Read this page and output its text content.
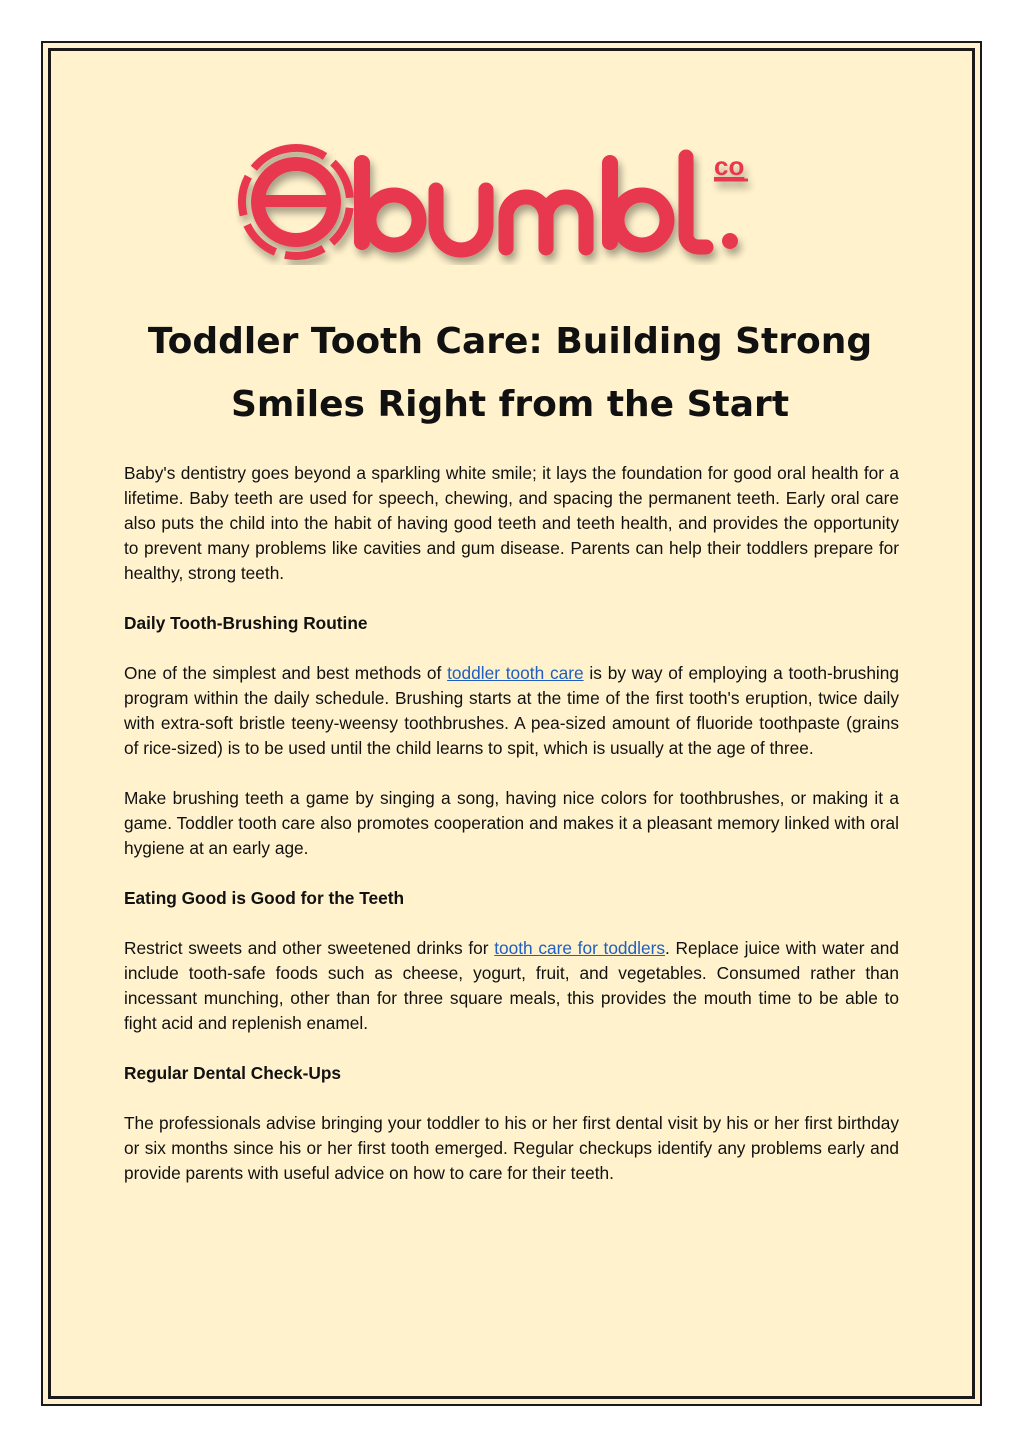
co
Toddler Tooth Care: Building Strong
Smiles Right from the Start

Baby's dentistry goes beyond a sparkling white smile; it lays the foundation for good oral health for a lifetime. Baby teeth are used for speech, chewing, and spacing the permanent teeth. Early oral care also puts the child into the habit of having good teeth and teeth health, and provides the opportunity to prevent many problems like cavities and gum disease. Parents can help their toddlers prepare for healthy, strong teeth.

Daily Tooth-Brushing Routine

One of the simplest and best methods of toddler tooth care is by way of employing a tooth-brushing program within the daily schedule. Brushing starts at the time of the first tooth's eruption, twice daily with extra-soft bristle teeny-weensy toothbrushes. A pea-sized amount of fluoride toothpaste (grains of rice-sized) is to be used until the child learns to spit, which is usually at the age of three.

Make brushing teeth a game by singing a song, having nice colors for toothbrushes, or making it a game. Toddler tooth care also promotes cooperation and makes it a pleasant memory linked with oral hygiene at an early age.

Eating Good is Good for the Teeth

Restrict sweets and other sweetened drinks for tooth care for toddlers. Replace juice with water and include tooth-safe foods such as cheese, yogurt, fruit, and vegetables. Consumed rather than incessant munching, other than for three square meals, this provides the mouth time to be able to fight acid and replenish enamel.

Regular Dental Check-Ups

The professionals advise bringing your toddler to his or her first dental visit by his or her first birthday or six months since his or her first tooth emerged. Regular checkups identify any problems early and provide parents with useful advice on how to care for their teeth.
